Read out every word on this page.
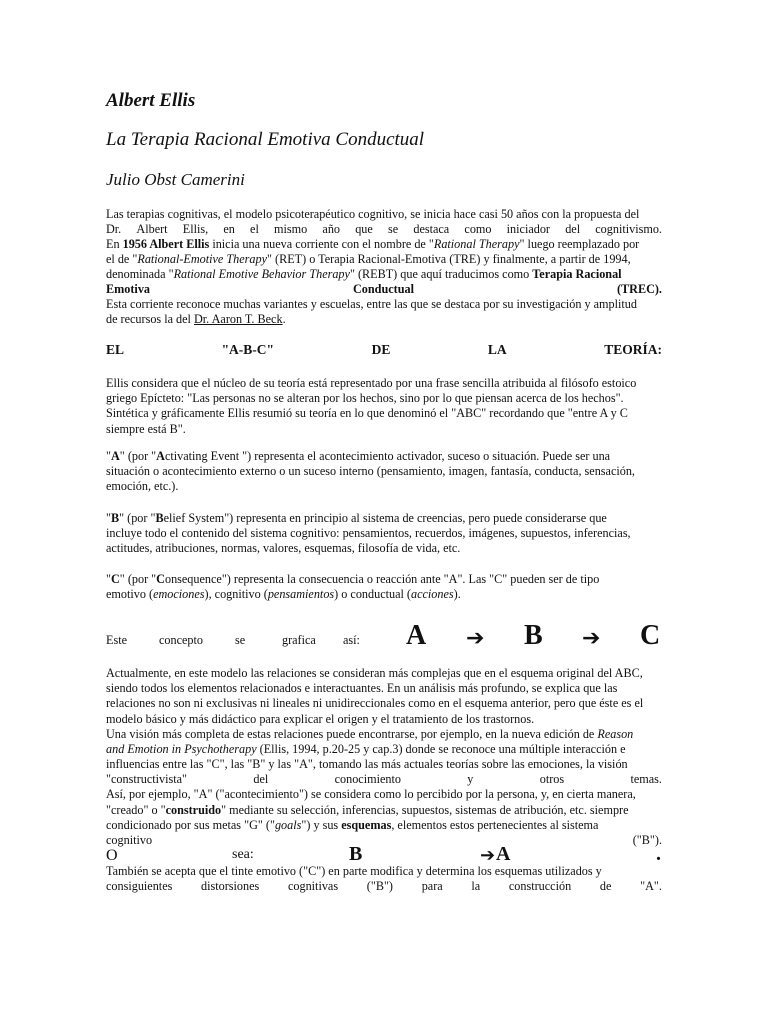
Albert Ellis
La Terapia Racional Emotiva Conductual
Julio Obst Camerini
Las terapias cognitivas, el modelo psicoterapéutico cognitivo, se inicia hace casi 50 años con la propuesta del
Dr. Albert Ellis, en el mismo año que se destaca como iniciador del cognitivismo.
En 1956 Albert Ellis inicia una nueva corriente con el nombre de "Rational Therapy" luego reemplazado por
el de "Rational-Emotive Therapy" (RET) o Terapia Racional-Emotiva (TRE) y finalmente, a partir de 1994,
denominada "Rational Emotive Behavior Therapy" (REBT) que aquí traducimos como Terapia Racional
Emotiva	Conductual	(TREC).
Esta corriente reconoce muchas variantes y escuelas, entre las que se destaca por su investigación y amplitud
de recursos la del Dr. Aaron T. Beck.
EL	"A-B-C"	DE	LA	TEORÍA:
Ellis considera que el núcleo de su teoría está representado por una frase sencilla atribuida al filósofo estoico
griego Epícteto: "Las personas no se alteran por los hechos, sino por lo que piensan acerca de los hechos".
Sintética y gráficamente Ellis resumió su teoría en lo que denominó el "ABC" recordando que "entre A y C
siempre está B".
"A" (por "Activating Event ") representa el acontecimiento activador, suceso o situación. Puede ser una
situación o acontecimiento externo o un suceso interno (pensamiento, imagen, fantasía, conducta, sensación,
emoción, etc.).
"B" (por "Belief System") representa en principio al sistema de creencias, pero puede considerarse que
incluye todo el contenido del sistema cognitivo: pensamientos, recuerdos, imágenes, supuestos, inferencias,
actitudes, atribuciones, normas, valores, esquemas, filosofía de vida, etc.
"C" (por "Consequence") representa la consecuencia o reacción ante "A". Las "C" pueden ser de tipo
emotivo (emociones), cognitivo (pensamientos) o conductual (acciones).
Este	concepto	se	grafica así: A ➔ B ➔ C
Actualmente, en este modelo las relaciones se consideran más complejas que en el esquema original del ABC,
siendo todos los elementos relacionados e interactuantes. En un análisis más profundo, se explica que las
relaciones no son ni exclusivas ni lineales ni unidireccionales como en el esquema anterior, pero que éste es el
modelo básico y más didáctico para explicar el origen y el tratamiento de los trastornos.
Una visión más completa de estas relaciones puede encontrarse, por ejemplo, en la nueva edición de Reason
and Emotion in Psychotherapy (Ellis, 1994, p.20-25 y cap.3) donde se reconoce una múltiple interacción e
influencias entre las "C", las "B" y las "A", tomando las más actuales teorías sobre las emociones, la visión
"constructivista"	del	conocimiento	y	otros	temas.
Así, por ejemplo, "A" ("acontecimiento") se considera como lo percibido por la persona, y, en cierta manera,
"creado" o "construido" mediante su selección, inferencias, supuestos, sistemas de atribución, etc. siempre
condicionado por sus metas "G" ("goals") y sus esquemas, elementos estos pertenecientes al sistema
cognitivo	("B").
O	sea:	B	➔ A	.
También se acepta que el tinte emotivo ("C") en parte modifica y determina los esquemas utilizados y
consiguientes distorsiones cognitivas ("B") para la construcción de "A".
